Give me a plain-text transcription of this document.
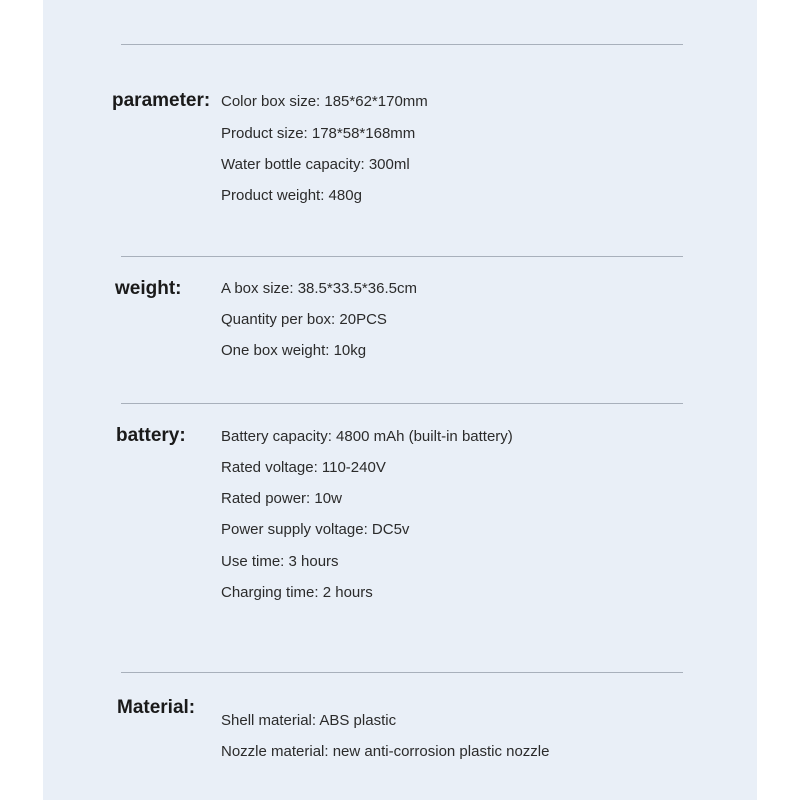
parameter: Color box size: 185*62*170mm
Product size: 178*58*168mm
Water bottle capacity: 300ml
Product weight: 480g
weight:	A box size: 38.5*33.5*36.5cm
Quantity per box: 20PCS
One box weight: 10kg
battery: Battery capacity: 4800 mAh (built-in battery)
Rated voltage: 110-240V
Rated power: 10w
Power supply voltage: DC5v
Use time: 3 hours
Charging time: 2 hours
Material:
Shell material: ABS plastic
Nozzle material: new anti-corrosion plastic nozzle
